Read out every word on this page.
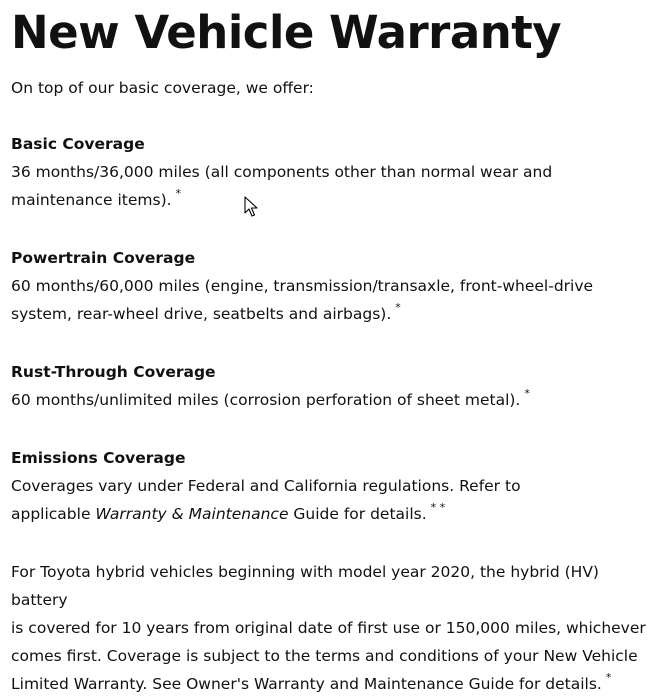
New Vehicle Warranty

On top of our basic coverage, we offer:

Basic Coverage

36 months/36,000 miles (all components other than normal wear and

maintenance items). *

Powertrain Coverage

60 months/60,000 miles (engine, transmission/transaxle, front-wheel-drive

system, rear-wheel drive, seatbelts and airbags). *

Rust-Through Coverage

60 months/unlimited miles (corrosion perforation of sheet metal). *

Emissions Coverage

Coverages vary under Federal and California regulations. Refer to

applicable Warranty & Maintenance Guide for details. * *

For Toyota hybrid vehicles beginning with model year 2020, the hybrid (HV) battery

is covered for 10 years from original date of first use or 150,000 miles, whichever

comes first. Coverage is subject to the terms and conditions of your New Vehicle

Limited Warranty. See Owner's Warranty and Maintenance Guide for details. *
